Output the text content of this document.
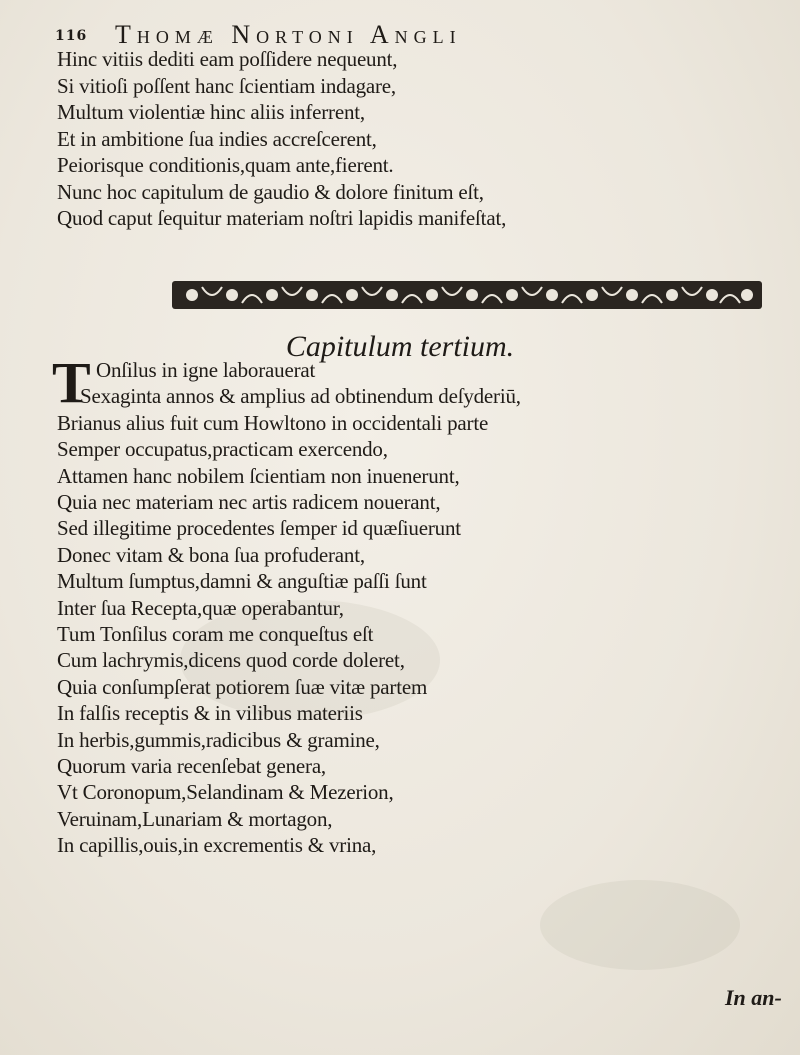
116 Thomæ Nortoni Angli
Hinc vitiis dediti eam poſſidere nequeunt,
Si vitioſi poſſent hanc ſcientiam indagare,
Multum violentiæ hinc aliis inferrent,
Et in ambitione ſua indies accreſcerent,
Peiorisque conditionis,quam ante,fierent.
Nunc hoc capitulum de gaudio & dolore finitum eſt,
Quod caput ſequitur materiam noſtri lapidis manifeſtat,
Capitulum tertium.
T Onſilus in igne laborauerat
Sexaginta annos & amplius ad obtinendum deſyderiū,
Brianus alius fuit cum Howltono in occidentali parte
Semper occupatus,practicam exercendo,
Attamen hanc nobilem ſcientiam non inuenerunt,
Quia nec materiam nec artis radicem nouerant,
Sed illegitime procedentes ſemper id quæſiuerunt
Donec vitam & bona ſua profuderant,
Multum ſumptus,damni & anguſtiæ paſſi ſunt
Inter ſua Recepta,quæ operabantur,
Tum Tonſilus coram me conqueſtus eſt
Cum lachrymis,dicens quod corde doleret,
Quia conſumpſerat potiorem ſuæ vitæ partem
In falſis receptis & in vilibus materiis
In herbis,gummis,radicibus & gramine,
Quorum varia recenſebat genera,
Vt Coronopum,Selandinam & Mezerion,
Veruinam,Lunariam & mortagon,
In capillis,ouis,in excrementis & vrina,
In an-
